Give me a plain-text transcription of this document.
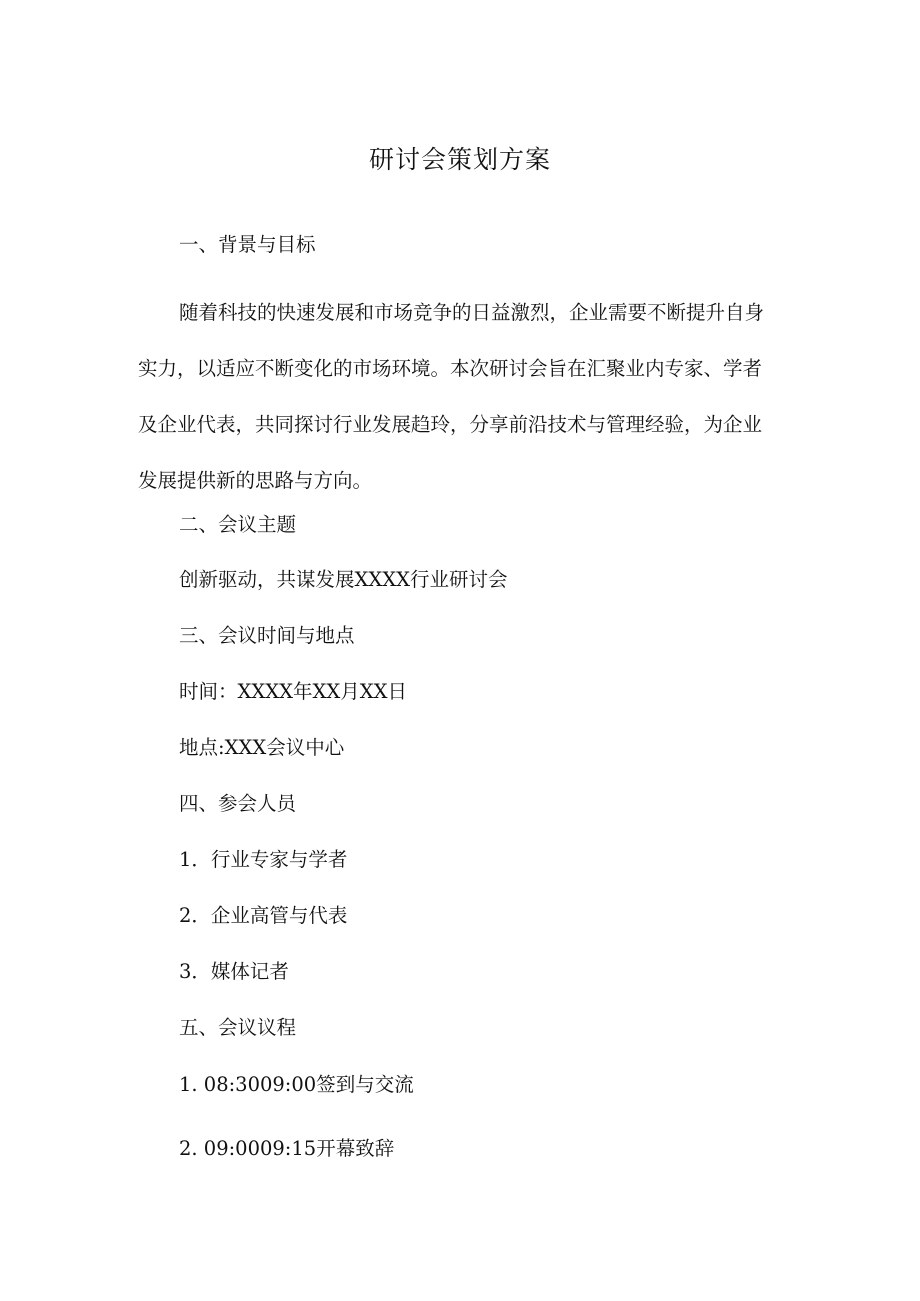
研讨会策划方案
一、背景与目标
随着科技的快速发展和市场竞争的日益激烈，企业需要不断提升自身
实力，以适应不断变化的市场环境。本次研讨会旨在汇聚业内专家、学者
及企业代表，共同探讨行业发展趋玲，分享前沿技术与管理经验，为企业
发展提供新的思路与方向。
二、会议主题
创新驱动，共谋发展XXXX行业研讨会
三、会议时间与地点
时间：XXXX年XX月XX日
地点:XXX会议中心
四、参会人员
1．行业专家与学者
2．企业高管与代表
3．媒体记者
五、会议议程
1. 08:3009:00签到与交流
2. 09:0009:15开幕致辞
